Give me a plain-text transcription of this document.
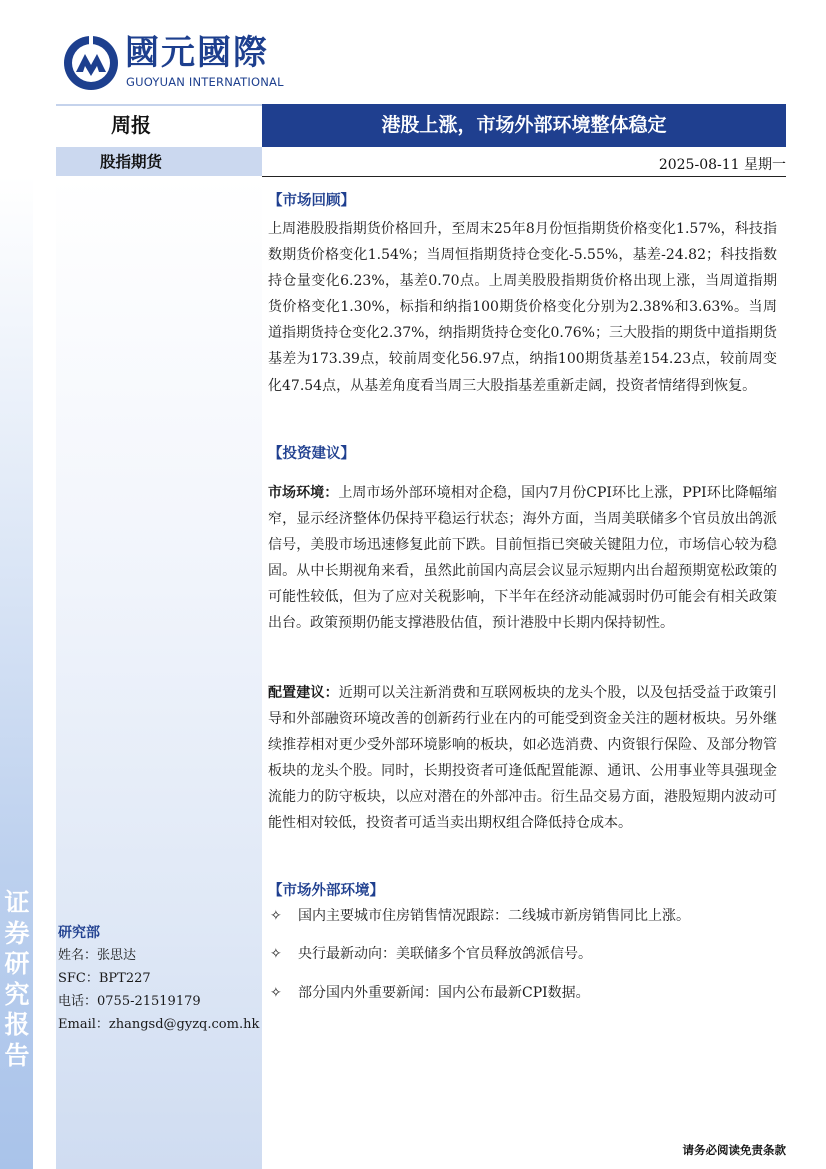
证
券
研
究
报
告
國元國際
GUOYUAN INTERNATIONAL
周报	港股上涨，市场外部环境整体稳定
股指期货	2025-08-11 星期一
【市场回顾】
上周港股股指期货价格回升，至周末25年8月份恒指期货价格变化1.57%，科技指数期货价格变化1.54%；当周恒指期货持仓变化-5.55%，基差-24.82；科技指数持仓量变化6.23%，基差0.70点。上周美股股指期货价格出现上涨，当周道指期货价格变化1.30%，标指和纳指100期货价格变化分别为2.38%和3.63%。当周道指期货持仓变化2.37%，纳指期货持仓变化0.76%；三大股指的期货中道指期货基差为173.39点，较前周变化56.97点，纳指100期货基差154.23点，较前周变化47.54点，从基差角度看当周三大股指基差重新走阔，投资者情绪得到恢复。
【投资建议】
市场环境：上周市场外部环境相对企稳，国内7月份CPI环比上涨，PPI环比降幅缩窄，显示经济整体仍保持平稳运行状态；海外方面，当周美联储多个官员放出鸽派信号，美股市场迅速修复此前下跌。目前恒指已突破关键阻力位，市场信心较为稳固。从中长期视角来看，虽然此前国内高层会议显示短期内出台超预期宽松政策的可能性较低，但为了应对关税影响，下半年在经济动能减弱时仍可能会有相关政策出台。政策预期仍能支撑港股估值，预计港股中长期内保持韧性。
配置建议：近期可以关注新消费和互联网板块的龙头个股，以及包括受益于政策引导和外部融资环境改善的创新药行业在内的可能受到资金关注的题材板块。另外继续推荐相对更少受外部环境影响的板块，如必选消费、内资银行保险、及部分物管板块的龙头个股。同时，长期投资者可逢低配置能源、通讯、公用事业等具强现金流能力的防守板块，以应对潜在的外部冲击。衍生品交易方面，港股短期内波动可能性相对较低，投资者可适当卖出期权组合降低持仓成本。
【市场外部环境】
✧ 国内主要城市住房销售情况跟踪：二线城市新房销售同比上涨。
✧ 央行最新动向：美联储多个官员释放鸽派信号。
✧ 部分国内外重要新闻：国内公布最新CPI数据。
研究部
姓名：张思达
SFC：BPT227
电话：0755-21519179
Email：zhangsd@gyzq.com.hk
请务必阅读免责条款
